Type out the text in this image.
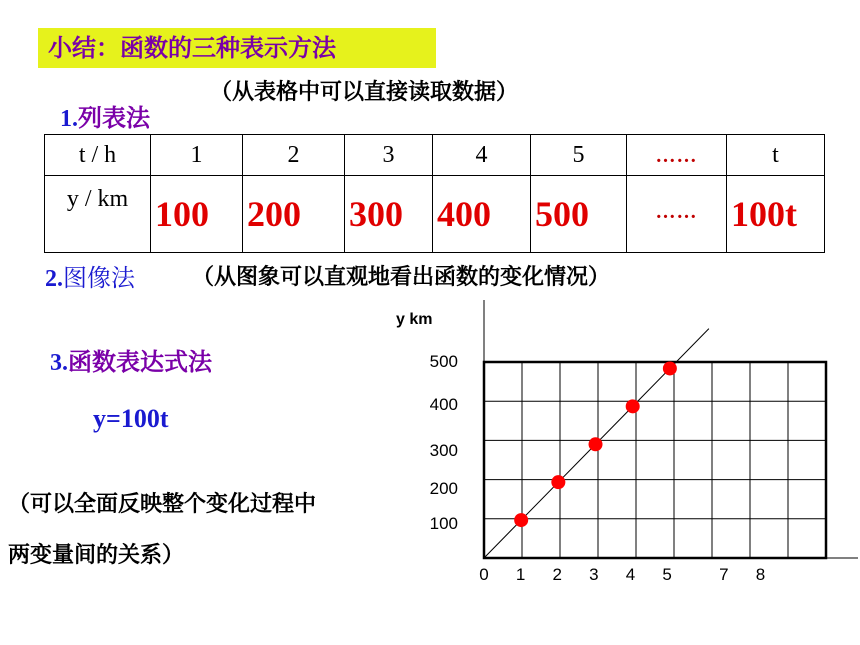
小结：函数的三种表示方法
（从表格中可以直接读取数据）
1.列表法
t / h	1	2	3	4	5	……	t
y / km	100	200	300	400	500	……	100t
2.图像法	（从图象可以直观地看出函数的变化情况）
3.函数表达式法
y=100t
（可以全面反映整个变化过程中
两变量间的关系）
0 1 2 3 4 5	7 8
100
200
300
400
500
y km
